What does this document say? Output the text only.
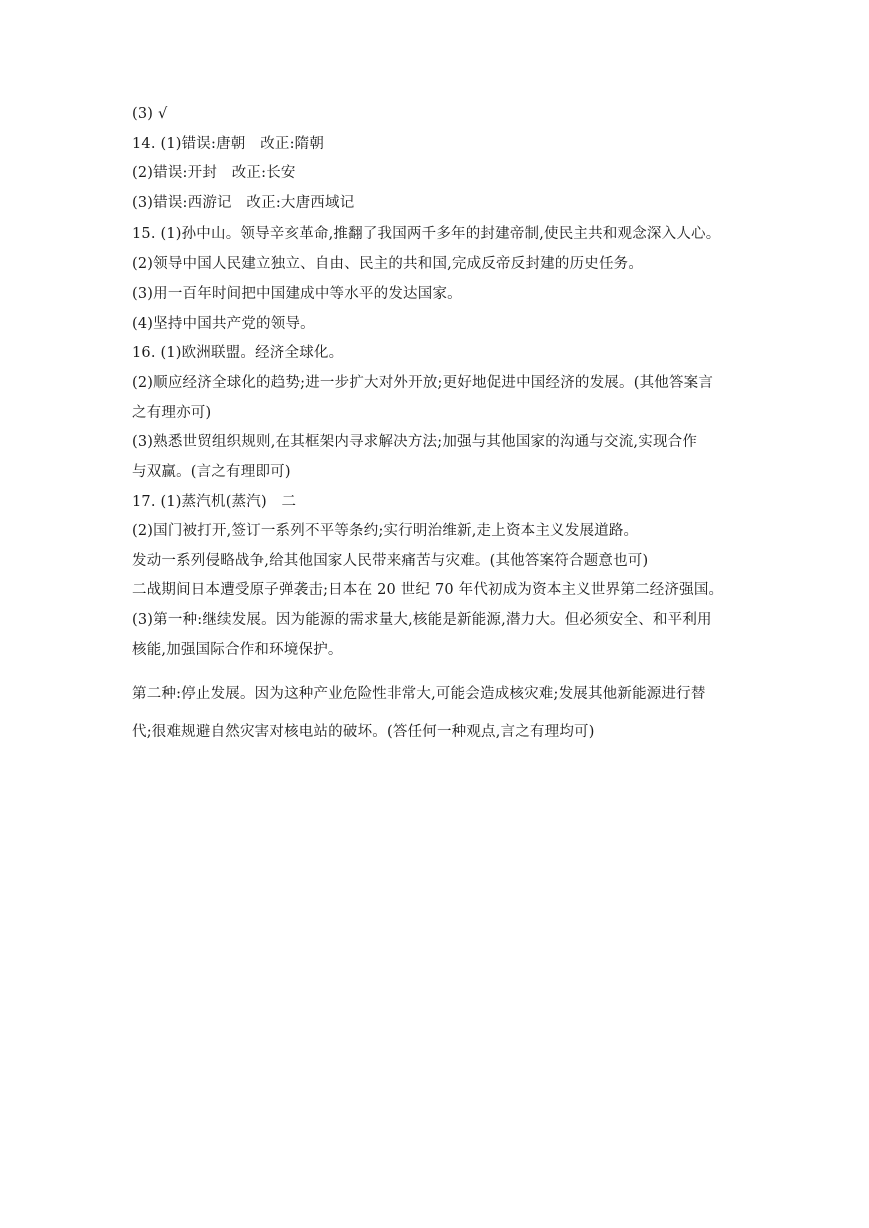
(3) √
14. (1)错误:唐朝　改正:隋朝
(2)错误:开封　改正:长安
(3)错误:西游记　改正:大唐西域记
15. (1)孙中山。领导辛亥革命,推翻了我国两千多年的封建帝制,使民主共和观念深入人心。
(2)领导中国人民建立独立、自由、民主的共和国,完成反帝反封建的历史任务。
(3)用一百年时间把中国建成中等水平的发达国家。
(4)坚持中国共产党的领导。
16. (1)欧洲联盟。经济全球化。
(2)顺应经济全球化的趋势;进一步扩大对外开放;更好地促进中国经济的发展。(其他答案言
之有理亦可)
(3)熟悉世贸组织规则,在其框架内寻求解决方法;加强与其他国家的沟通与交流,实现合作
与双赢。(言之有理即可)
17. (1)蒸汽机(蒸汽)　二
(2)国门被打开,签订一系列不平等条约;实行明治维新,走上资本主义发展道路。
发动一系列侵略战争,给其他国家人民带来痛苦与灾难。(其他答案符合题意也可)
二战期间日本遭受原子弹袭击;日本在 20 世纪 70 年代初成为资本主义世界第二经济强国。
(3)第一种:继续发展。因为能源的需求量大,核能是新能源,潜力大。但必须安全、和平利用
核能,加强国际合作和环境保护。
第二种:停止发展。因为这种产业危险性非常大,可能会造成核灾难;发展其他新能源进行替
代;很难规避自然灾害对核电站的破坏。(答任何一种观点,言之有理均可)
